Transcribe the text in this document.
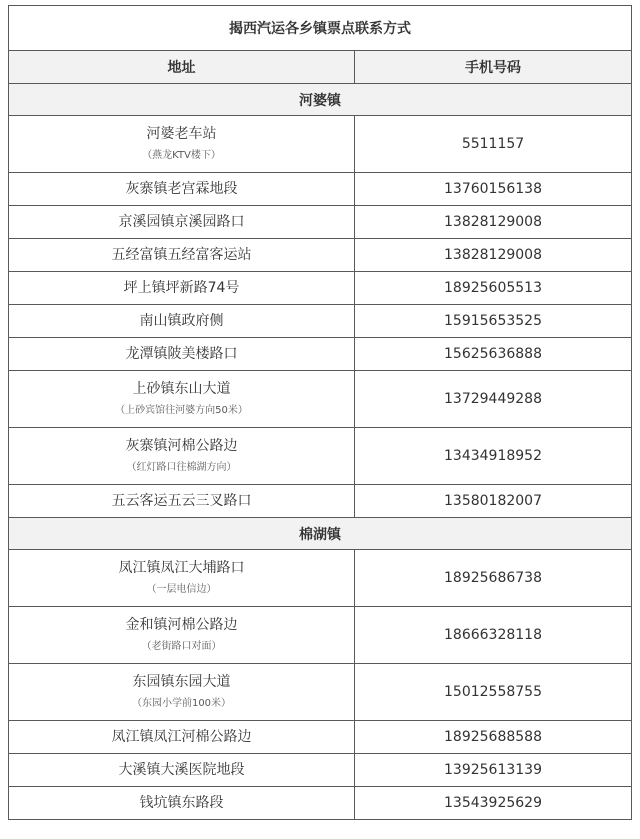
揭西汽运各乡镇票点联系方式	
地址	手机号码
河婆镇	

河婆老车站
（燕龙KTV楼下）	5511157

灰寨镇老宫霖地段	13760156138

京溪园镇京溪园路口	13828129008

五经富镇五经富客运站	13828129008

坪上镇坪新路74号	18925605513

南山镇政府侧	15915653525

龙潭镇陂美楼路口	15625636888

上砂镇东山大道
（上砂宾馆往河婆方向50米）	13729449288

灰寨镇河棉公路边
（红灯路口往棉湖方向）	13434918952

五云客运五云三叉路口	13580182007
棉湖镇	

凤江镇凤江大埔路口
（一层电信边）	18925686738

金和镇河棉公路边
（老街路口对面）	18666328118

东园镇东园大道
（东园小学前100米）	15012558755

凤江镇凤江河棉公路边	18925688588

大溪镇大溪医院地段	13925613139

钱坑镇东路段	13543925629
